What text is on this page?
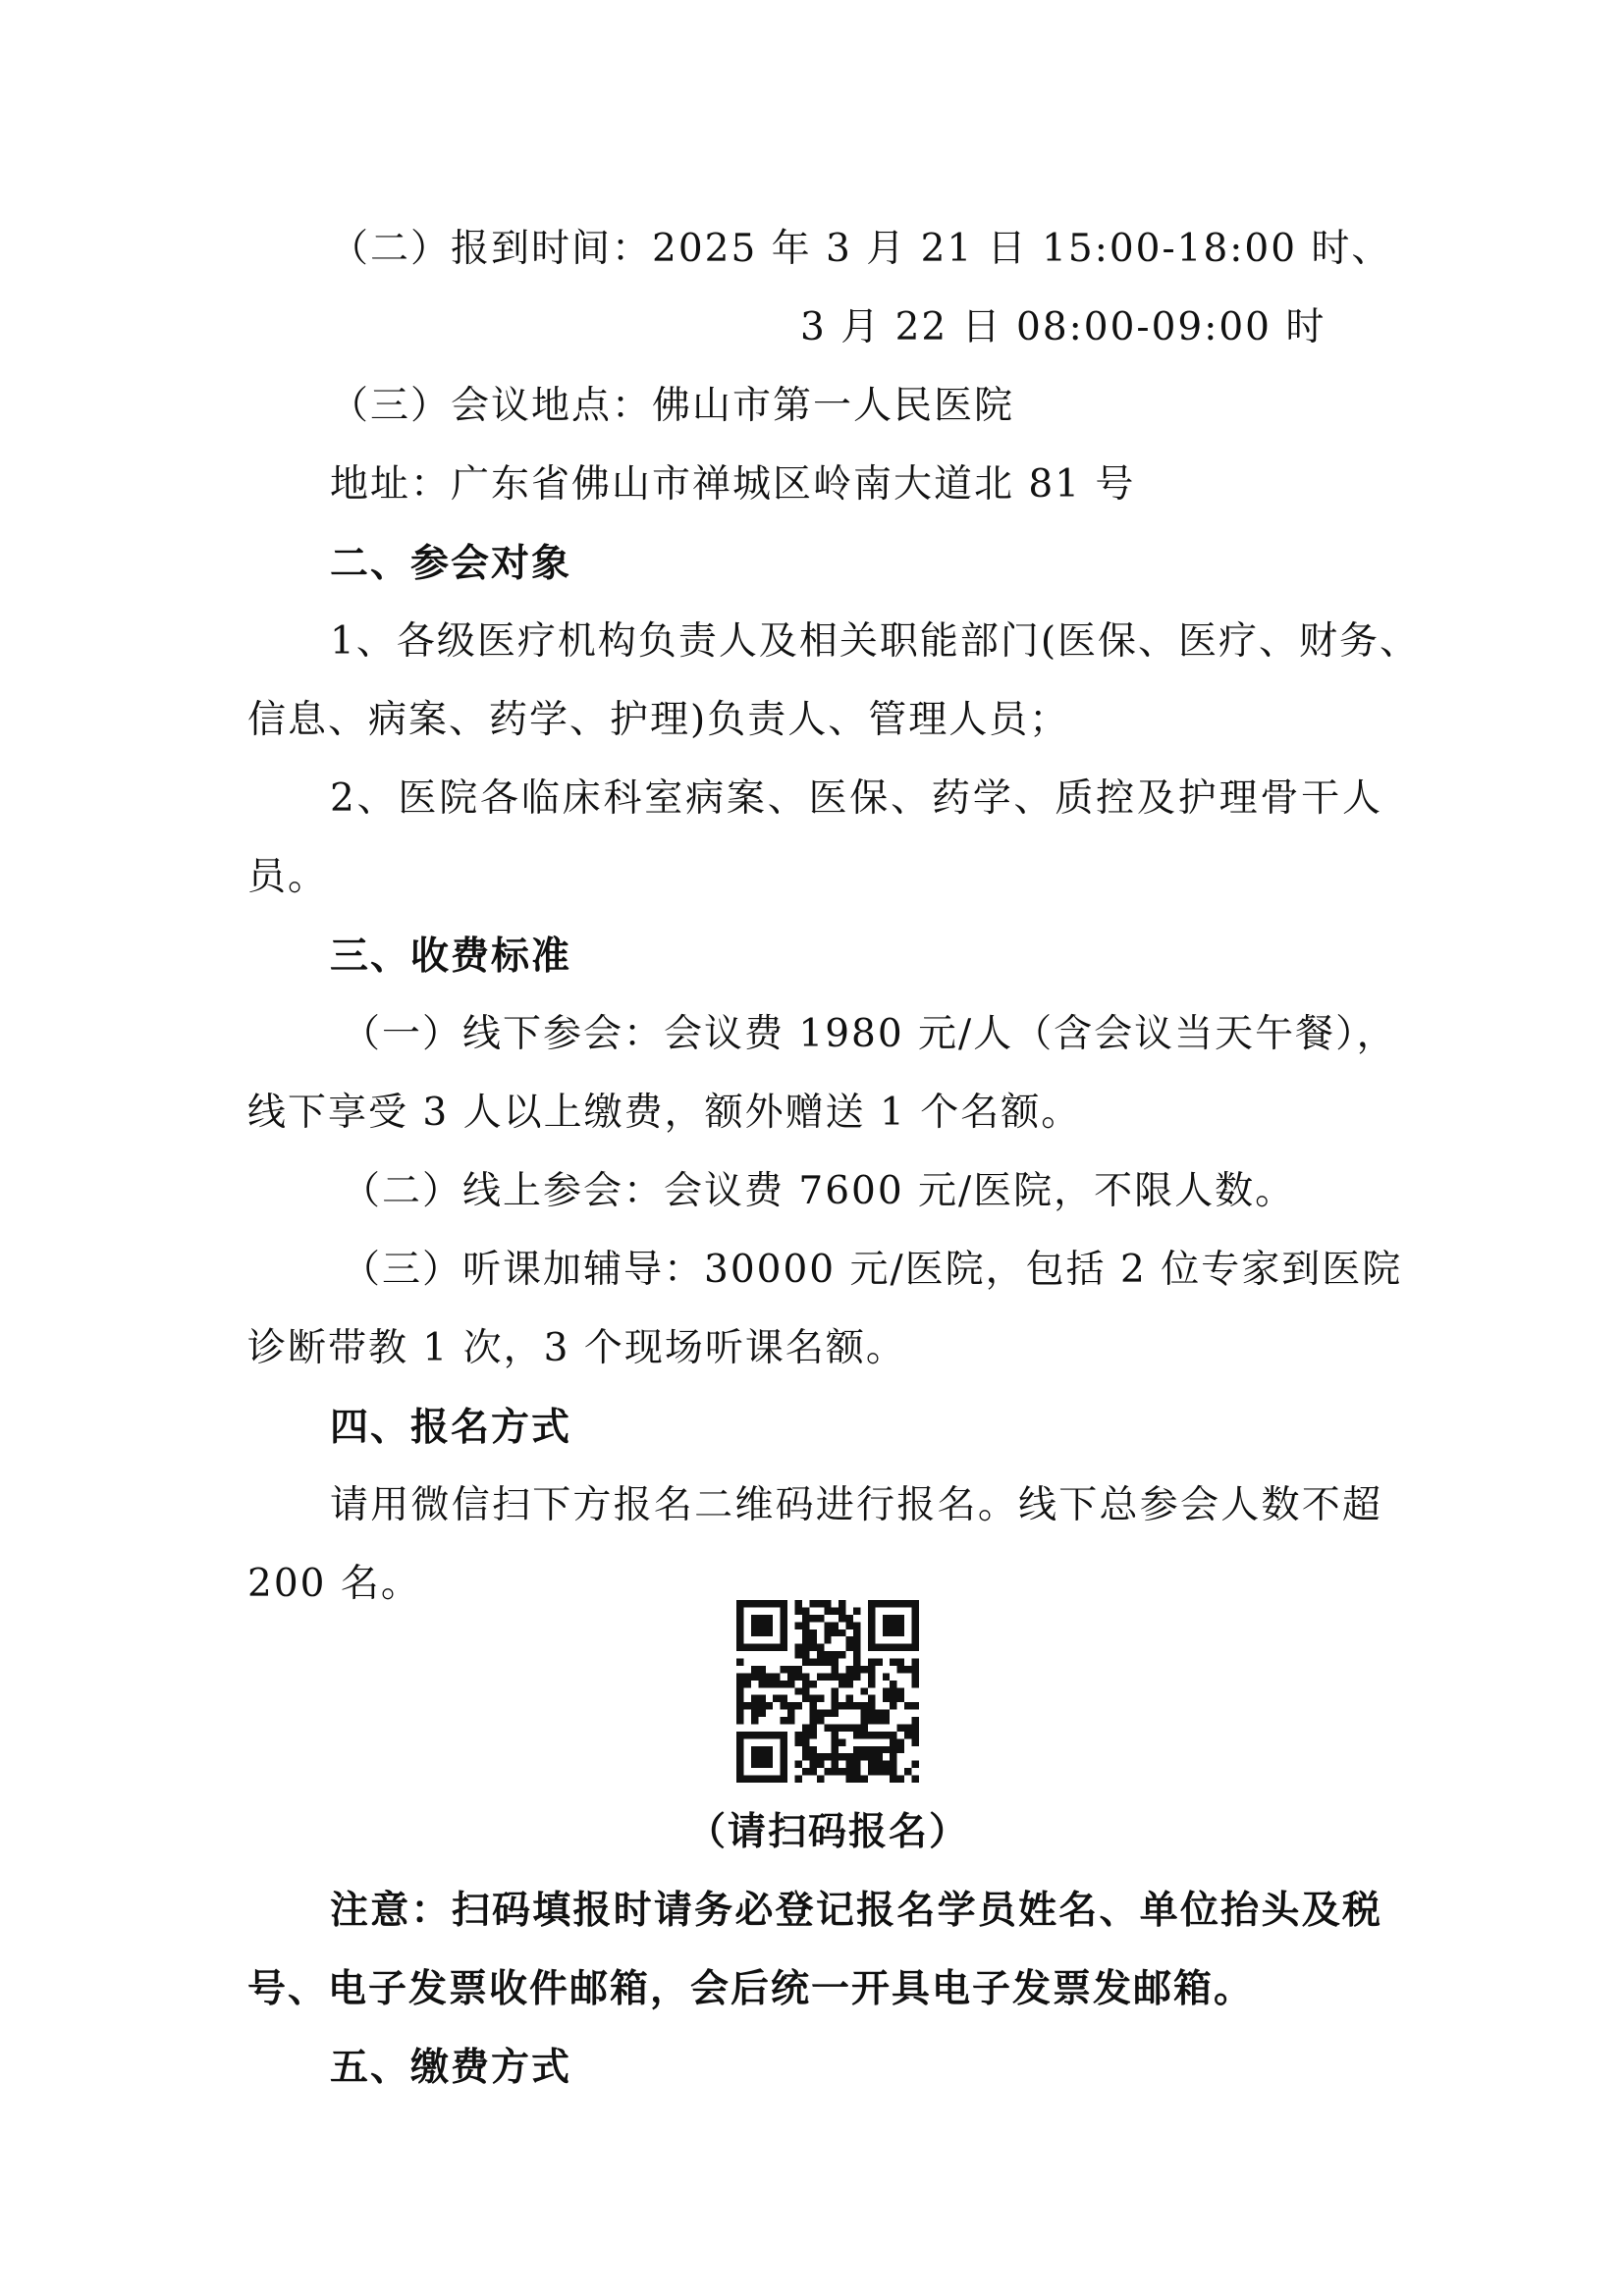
（二）报到时间：2025 年 3 月 21 日 15:00-18:00 时、
3 月 22 日 08:00-09:00 时
（三）会议地点：佛山市第一人民医院
地址：广东省佛山市禅城区岭南大道北 81 号
二、参会对象
1、各级医疗机构负责人及相关职能部门(医保、医疗、财务、
信息、病案、药学、护理)负责人、管理人员；
2、医院各临床科室病案、医保、药学、质控及护理骨干人
员。
三、收费标准
（一）线下参会：会议费 1980 元/人（含会议当天午餐），
线下享受 3 人以上缴费，额外赠送 1 个名额。
（二）线上参会：会议费 7600 元/医院，不限人数。
（三）听课加辅导：30000 元/医院，包括 2 位专家到医院
诊断带教 1 次，3 个现场听课名额。
四、报名方式
请用微信扫下方报名二维码进行报名。线下总参会人数不超
200 名。
（请扫码报名）
注意：扫码填报时请务必登记报名学员姓名、单位抬头及税
号、电子发票收件邮箱，会后统一开具电子发票发邮箱。
五、缴费方式
